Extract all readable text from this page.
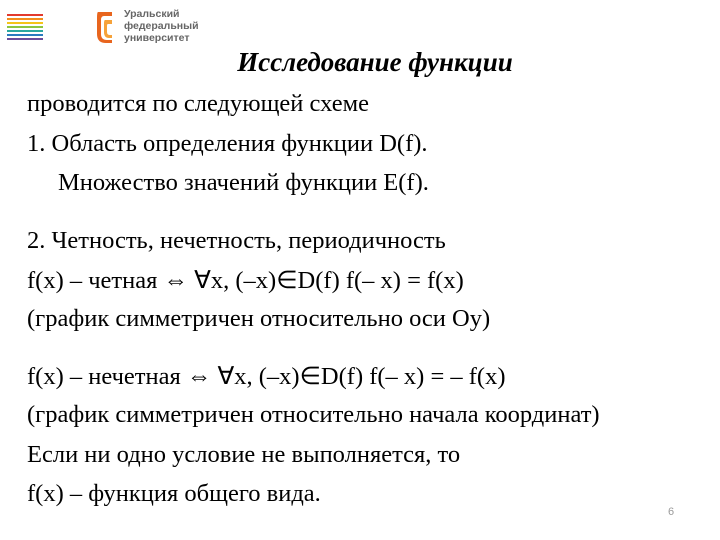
Уральский
федеральный
университет
Исследование функции
проводится по следующей схеме
1. Область определения функции D(f).
Множество значений функции E(f).
2. Четность, нечетность, периодичность
f(x) – четная ⇔ ∀x, (–x)∈D(f) f(– x) = f(x)
(график симметричен относительно оси Oy)
f(x) – нечетная ⇔ ∀x, (–x)∈D(f) f(– x) = – f(x)
(график симметричен относительно начала координат)
Если ни одно условие не выполняется, то
f(x) – функция общего вида.
6
